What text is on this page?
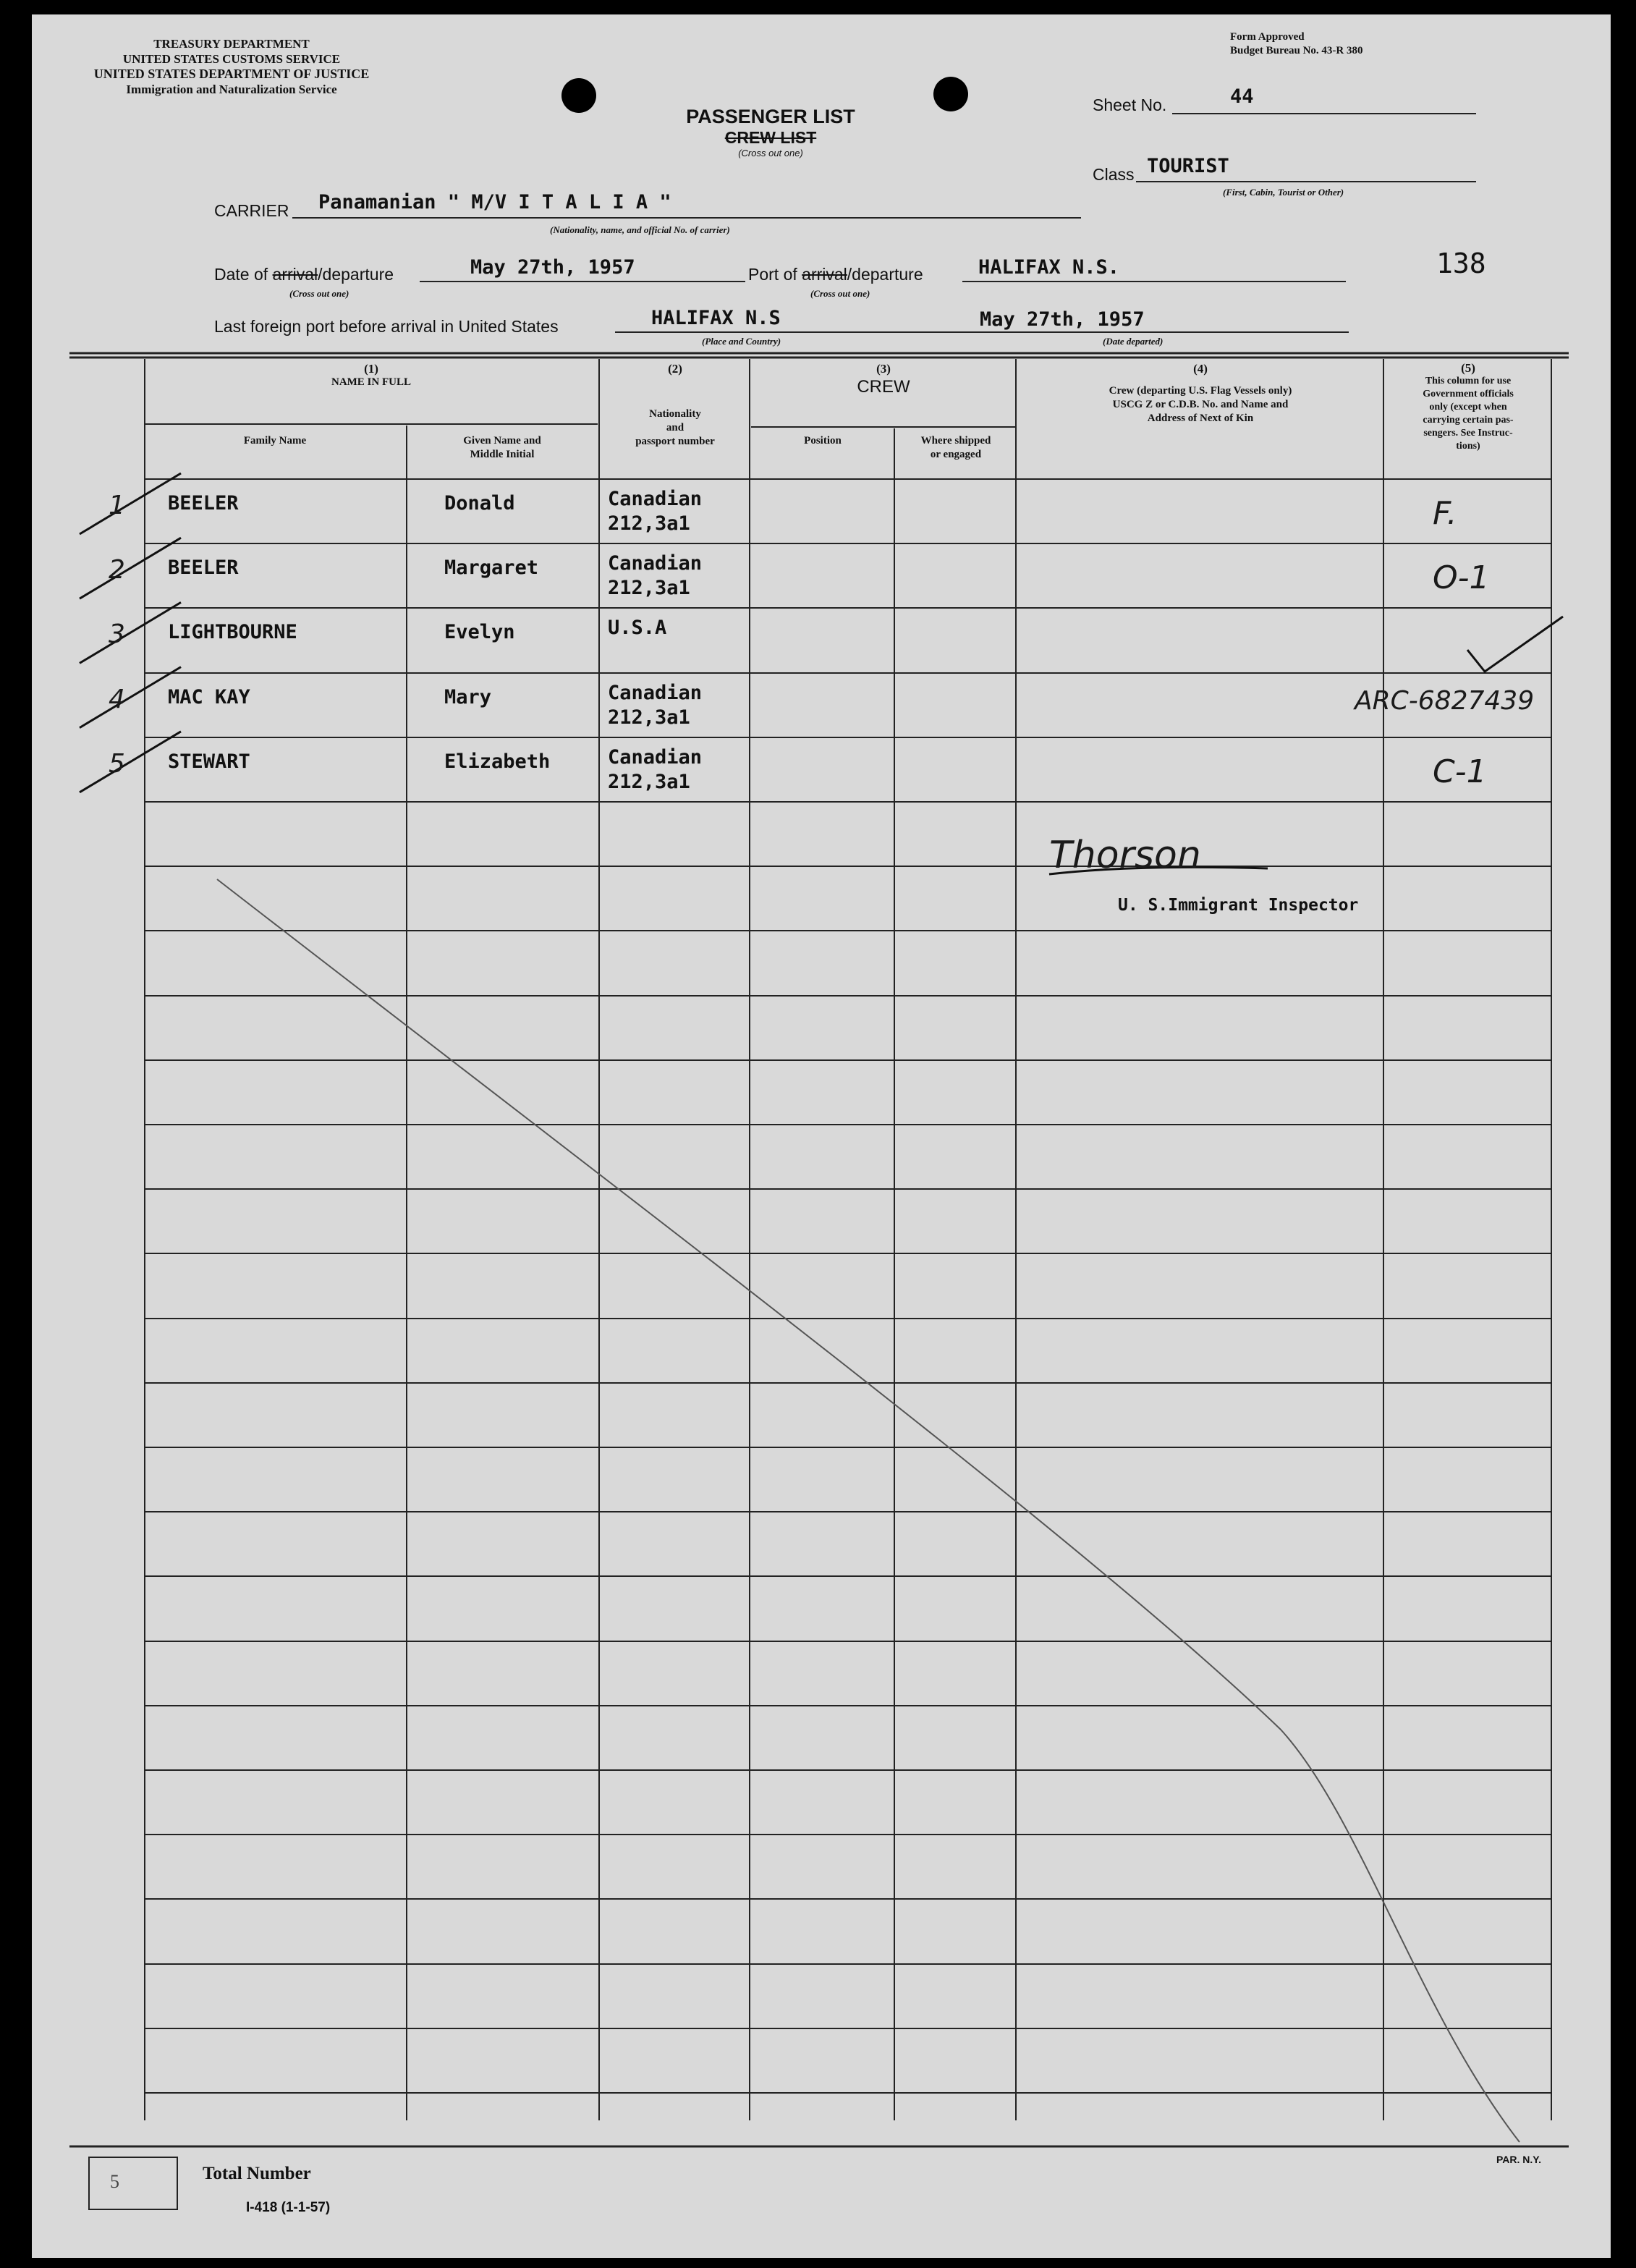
TREASURY DEPARTMENT
UNITED STATES CUSTOMS SERVICE
UNITED STATES DEPARTMENT OF JUSTICE
Immigration and Naturalization Service
Form Approved
Budget Bureau No. 43-R 380
PASSENGER LIST
CREW LIST
(Cross out one)
Sheet No.	44
Class TOURIST
(First, Cabin, Tourist or Other)
CARRIER Panamanian " M/V I T A L I A "
(Nationality, name, and official No. of carrier)
Date of arrival/departure	May 27th, 1957
(Cross out one)
Port of arrival/departure	HALIFAX N.S.
(Cross out one)
138
Last foreign port before arrival in United States	HALIFAX N.S
(Place and Country)
May 27th, 1957
(Date departed)
(1)
NAME IN FULL
Family Name	Given Name and
Middle Initial
(2)
Nationality
and
passport number
(3)
CREW
Position	Where shipped
or engaged
(4)
Crew (departing U.S. Flag Vessels only)
USCG Z or C.D.B. No. and Name and
Address of Next of Kin
(5)
This column for use
Government officials
only (except when
carrying certain pas-
sengers. See Instruc-
tions)
1 BEELER	Donald	Canadian
212,3a1	F.
2 BEELER	Margaret	Canadian
212,3a1	O-1
3 LIGHTBOURNE	Evelyn	U.S.A
4 MAC KAY	Mary	Canadian
212,3a1
ARC-6827439
5 STEWART	Elizabeth	Canadian
212,3a1	C-1
Thorson
U. S.Immigrant Inspector
5	Total Number
I-418 (1-1-57)
PAR. N.Y.
